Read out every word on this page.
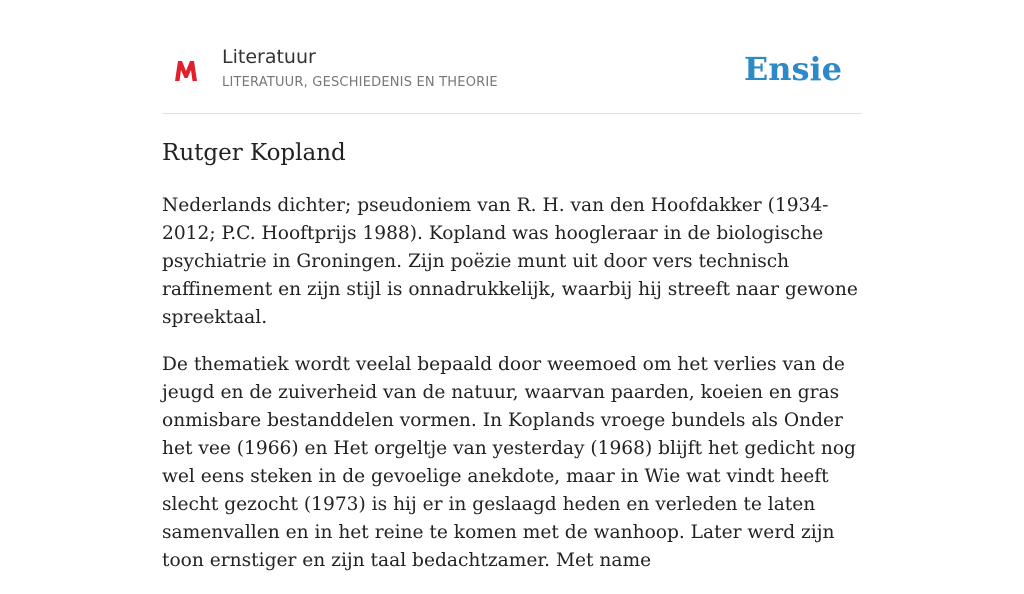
Literatuur
LITERATUUR, GESCHIEDENIS EN THEORIE	Ensie
Rutger Kopland

Nederlands dichter; pseudoniem van R. H. van den Hoofdakker (1934-2012; P.C. Hooftprijs 1988). Kopland was hoogleraar in de biologische psychiatrie in Groningen. Zijn poëzie munt uit door vers technisch raffinement en zijn stijl is onnadrukkelijk, waarbij hij streeft naar gewone spreektaal.

De thematiek wordt veelal bepaald door weemoed om het verlies van de jeugd en de zuiverheid van de natuur, waarvan paarden, koeien en gras onmisbare bestanddelen vormen. In Koplands vroege bundels als Onder het vee (1966) en Het orgeltje van yesterday (1968) blijft het gedicht nog wel eens steken in de gevoelige anekdote, maar in Wie wat vindt heeft slecht gezocht (1973) is hij er in geslaagd heden en verleden te laten samenvallen en in het reine te komen met de wanhoop. Later werd zijn toon ernstiger en zijn taal bedachtzamer. Met name
